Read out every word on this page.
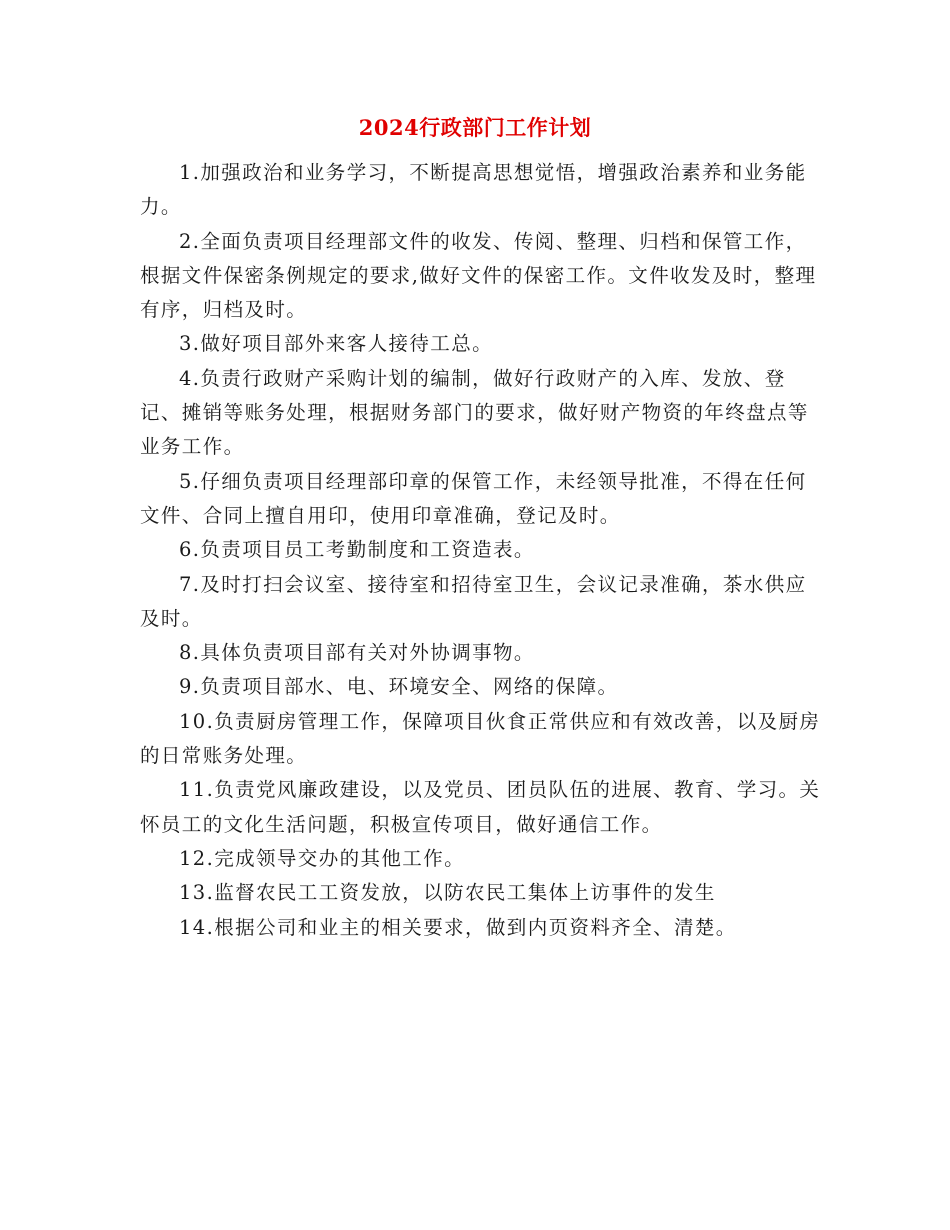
2024行政部门工作计划

1.加强政治和业务学习，不断提高思想觉悟，增强政治素养和业务能力。

2.全面负责项目经理部文件的收发、传阅、整理、归档和保管工作，根据文件保密条例规定的要求,做好文件的保密工作。文件收发及时，整理有序，归档及时。

3.做好项目部外来客人接待工总。

4.负责行政财产采购计划的编制，做好行政财产的入库、发放、登记、摊销等账务处理，根据财务部门的要求，做好财产物资的年终盘点等业务工作。

5.仔细负责项目经理部印章的保管工作，未经领导批准，不得在任何文件、合同上擅自用印，使用印章准确，登记及时。

6.负责项目员工考勤制度和工资造表。

7.及时打扫会议室、接待室和招待室卫生，会议记录准确，茶水供应及时。

8.具体负责项目部有关对外协调事物。

9.负责项目部水、电、环境安全、网络的保障。

10.负责厨房管理工作，保障项目伙食正常供应和有效改善，以及厨房的日常账务处理。

11.负责党风廉政建设，以及党员、团员队伍的进展、教育、学习。关怀员工的文化生活问题，积极宣传项目，做好通信工作。

12.完成领导交办的其他工作。

13.监督农民工工资发放，以防农民工集体上访事件的发生

14.根据公司和业主的相关要求，做到内页资料齐全、清楚。
